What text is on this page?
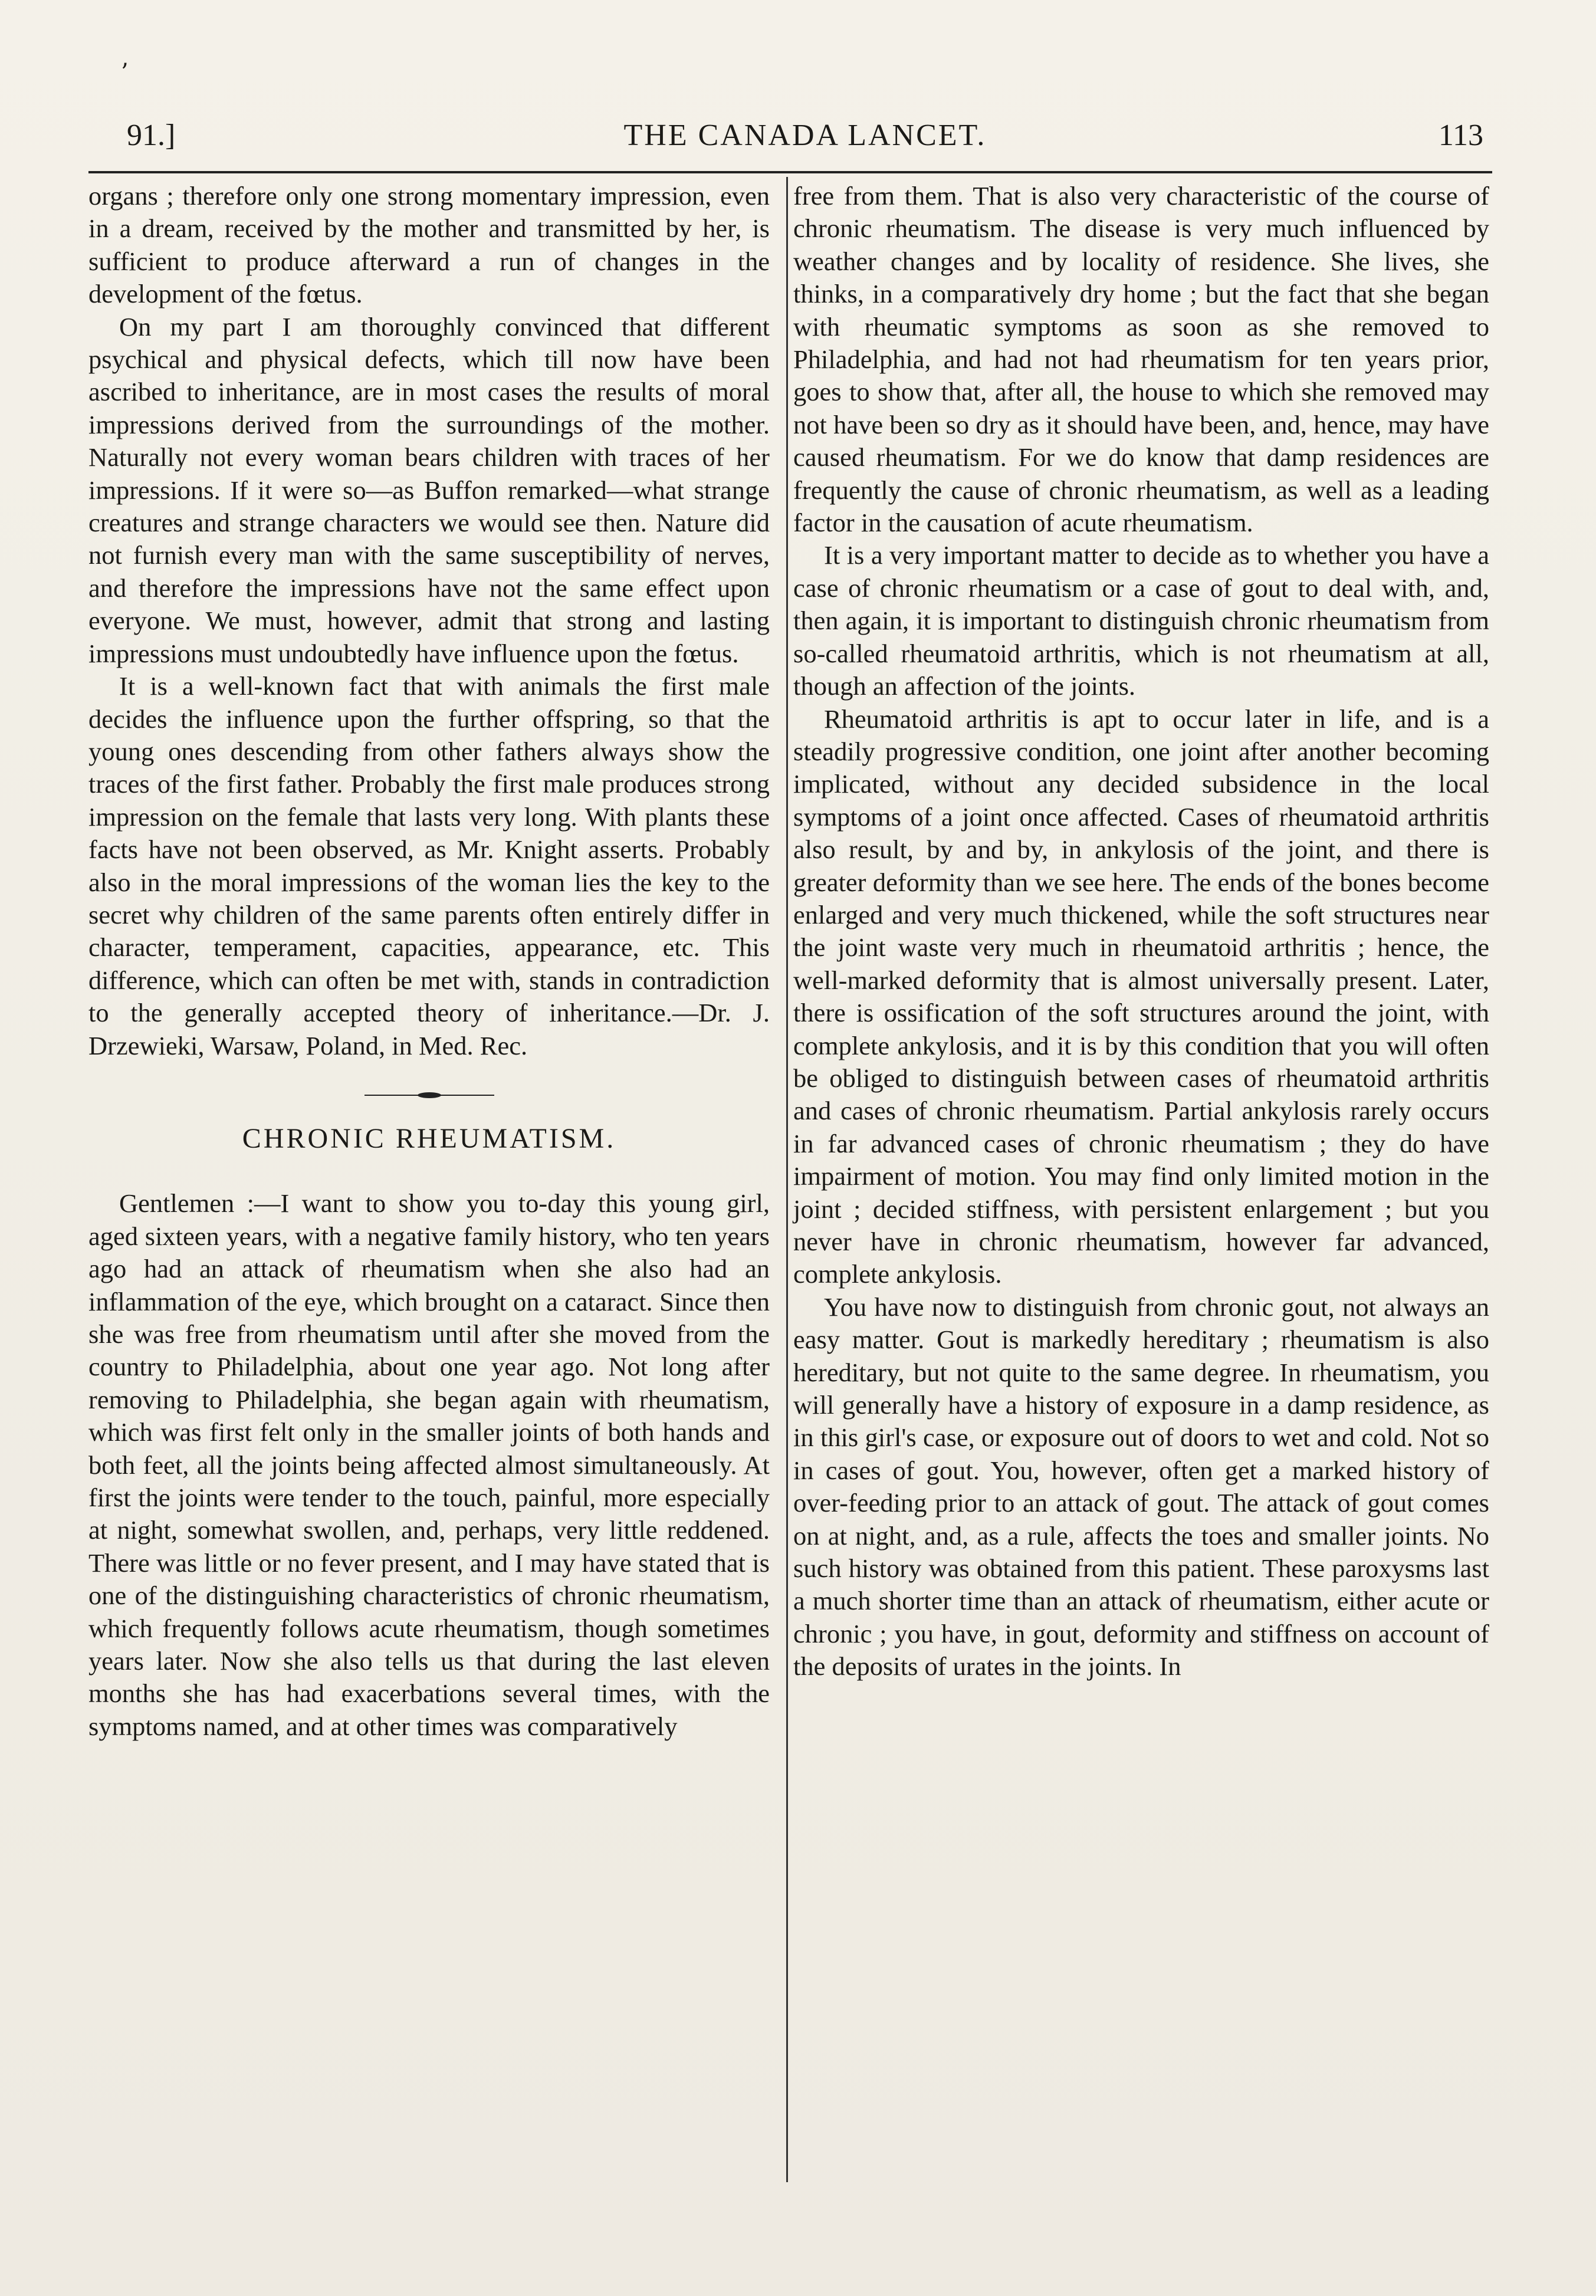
’
91.]	THE CANADA LANCET.	113

organs ; therefore only one strong momentary impression, even in a dream, received by the mother and transmitted by her, is sufficient to produce afterward a run of changes in the development of the fœtus.

On my part I am thoroughly convinced that different psychical and physical defects, which till now have been ascribed to inheritance, are in most cases the results of moral impressions derived from the surroundings of the mother. Naturally not every woman bears children with traces of her impressions. If it were so—as Buffon remarked—what strange creatures and strange characters we would see then. Nature did not furnish every man with the same susceptibility of nerves, and therefore the impressions have not the same effect upon everyone. We must, however, admit that strong and lasting impressions must undoubtedly have influence upon the fœtus.

It is a well-known fact that with animals the first male decides the influence upon the further offspring, so that the young ones descending from other fathers always show the traces of the first father. Probably the first male produces strong impression on the female that lasts very long. With plants these facts have not been observed, as Mr. Knight asserts. Probably also in the moral impressions of the woman lies the key to the secret why children of the same parents often entirely differ in character, temperament, capacities, appearance, etc. This difference, which can often be met with, stands in contradiction to the generally accepted theory of inheritance.—Dr. J. Drzewieki, Warsaw, Poland, in Med. Rec.

CHRONIC RHEUMATISM.

Gentlemen :—I want to show you to-day this young girl, aged sixteen years, with a negative family history, who ten years ago had an attack of rheumatism when she also had an inflammation of the eye, which brought on a cataract. Since then she was free from rheumatism until after she moved from the country to Philadelphia, about one year ago. Not long after removing to Philadelphia, she began again with rheumatism, which was first felt only in the smaller joints of both hands and both feet, all the joints being affected almost simultaneously. At first the joints were tender to the touch, painful, more especially at night, somewhat swollen, and, perhaps, very little reddened. There was little or no fever present, and I may have stated that is one of the distinguishing characteristics of chronic rheumatism, which frequently follows acute rheumatism, though sometimes years later. Now she also tells us that during the last eleven months she has had exacerbations several times, with the symptoms named, and at other times was comparatively

free from them. That is also very characteristic of the course of chronic rheumatism. The disease is very much influenced by weather changes and by locality of residence. She lives, she thinks, in a comparatively dry home ; but the fact that she began with rheumatic symptoms as soon as she removed to Philadelphia, and had not had rheumatism for ten years prior, goes to show that, after all, the house to which she removed may not have been so dry as it should have been, and, hence, may have caused rheumatism. For we do know that damp residences are frequently the cause of chronic rheumatism, as well as a leading factor in the causation of acute rheumatism.

It is a very important matter to decide as to whether you have a case of chronic rheumatism or a case of gout to deal with, and, then again, it is important to distinguish chronic rheumatism from so-called rheumatoid arthritis, which is not rheumatism at all, though an affection of the joints.

Rheumatoid arthritis is apt to occur later in life, and is a steadily progressive condition, one joint after another becoming implicated, without any decided subsidence in the local symptoms of a joint once affected. Cases of rheumatoid arthritis also result, by and by, in ankylosis of the joint, and there is greater deformity than we see here. The ends of the bones become enlarged and very much thickened, while the soft structures near the joint waste very much in rheumatoid arthritis ; hence, the well-marked deformity that is almost universally present. Later, there is ossification of the soft structures around the joint, with complete ankylosis, and it is by this condition that you will often be obliged to distinguish between cases of rheumatoid arthritis and cases of chronic rheumatism. Partial ankylosis rarely occurs in far advanced cases of chronic rheumatism ; they do have impairment of motion. You may find only limited motion in the joint ; decided stiffness, with persistent enlargement ; but you never have in chronic rheumatism, however far advanced, complete ankylosis.

You have now to distinguish from chronic gout, not always an easy matter. Gout is markedly hereditary ; rheumatism is also hereditary, but not quite to the same degree. In rheumatism, you will generally have a history of exposure in a damp residence, as in this girl's case, or exposure out of doors to wet and cold. Not so in cases of gout. You, however, often get a marked history of over-feeding prior to an attack of gout. The attack of gout comes on at night, and, as a rule, affects the toes and smaller joints. No such history was obtained from this patient. These paroxysms last a much shorter time than an attack of rheumatism, either acute or chronic ; you have, in gout, deformity and stiffness on account of the deposits of urates in the joints. In
